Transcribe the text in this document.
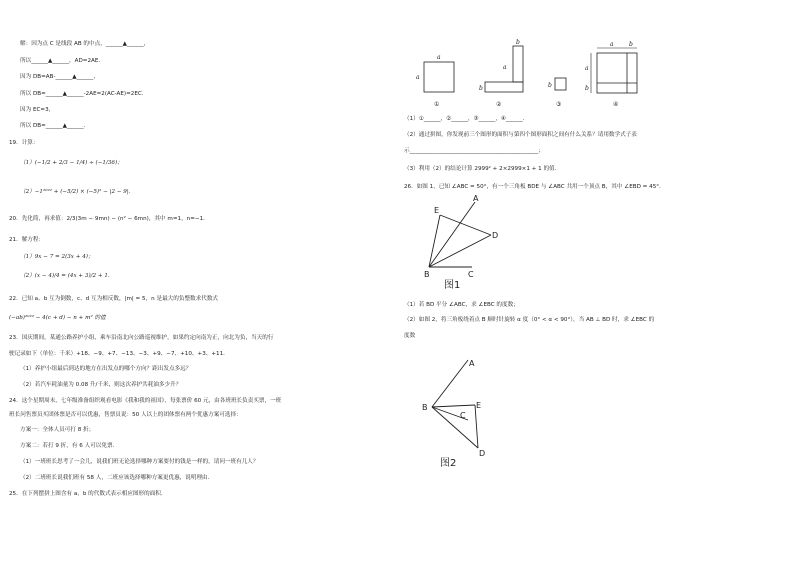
解：因为点 C 是线段 AB 的中点，______▲______，
所以______▲______，AD=2AE．
因为 DB=AB-______▲______，
所以 DB=______▲______-2AE=2(AC-AE)=2EC．
因为 EC=3，
所以 DB=______▲______．
19．计算：
（1）(−1/2 + 2/3 − 1/4) ÷ (−1/36)；
（2）−1²⁰²² + (−5/2) × (−5)² − |2 − 9|．
20．先化简，再求值：2/3(3m − 9mn) − (n² − 6mn)，其中 m=1，n=−1．
21．解方程：
（1）9x − 7 = 2(3x + 4)；
（2）(x − 4)/4 = (4x + 3)/2 + 1．
22．已知 a、b 互为倒数，c、d 互为相反数，|m| = 5，n 是最大的负整数求代数式
(−ab)²⁰²² − 4(c + d) − n + m² 的值
23．国庆期间，某通公路养护小组，乘车沿南北向公路巡视维护，如果约定向南为正，向北为负，当天的行
驶记录如下（单位：千米）+18、−9、+7、−13、−3、+9、−7、+10、+3、+11．
（1）养护小组最后到达的地方在出发点的哪个方向？距出发点多远？
（2）若汽车耗油量为 0.08 升/千米，则这次养护共耗油多少升？
24．这个星期周末，七年级准备组织观看电影《我和我的祖国》，每张票价 60 元，由各班班长负责买票，一班
班长问售票员买团体票是否可以优惠，售票员说：50 人以上的团体票有两个优惠方案可选择：
方案一：全体人员可打 8 折；
方案二：若打 9 折，有 6 人可以免票．
（1）一班班长思考了一会儿，说我们班无论选择哪种方案要付的钱是一样的，请问一班有几人？
（2）二班班长说我们班有 58 人，二班应该选择哪种方案更优惠，说明理由．
25．在下列摆拼上图含有 a，b 的代数式表示相应图形的面积．
a
a
b
a
b
b
a	b
a
b
①	②	③	④
（1）①______，②______，③______，④______．
（2）通过拼图，你发现前三个图形的面积与第四个图形面积之间有什么关系？请用数学式子表
示______________________________________________；
（3）利用（2）的结论计算 2999² + 2×2999×1 + 1 的值．
26．如图 1，已知 ∠ABC = 50°，有一个三角板 BDE 与 ∠ABC 共用一个顶点 B，其中 ∠EBD = 45°．
A
E
D
B	C
图1
（1）若 BD 平分 ∠ABC，求 ∠EBC 的度数；
（2）如图 2，将三角板绕着点 B 顺时针旋转 α 度（0° < α < 90°），当 AB ⊥ BD 时，求 ∠EBC 的
度数
A
B
C
E
D
图2
